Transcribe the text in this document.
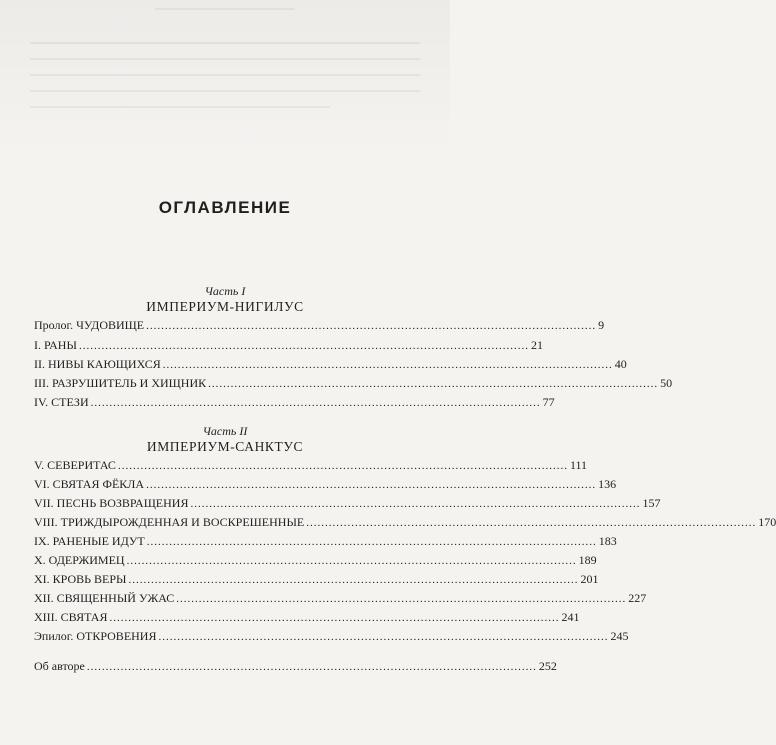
ОГЛАВЛЕНИЕ
Часть I
ИМПЕРИУМ-НИГИЛУС
Пролог. ЧУДОВИЩЕ ........................................................................................................................ 9
I. РАНЫ ........................................................................................................................ 21
II. НИВЫ КАЮЩИХСЯ ........................................................................................................................ 40
III. РАЗРУШИТЕЛЬ И ХИЩНИК ........................................................................................................................ 50
IV. СТЕЗИ ........................................................................................................................ 77
Часть II
ИМПЕРИУМ-САНКТУС
V. СЕВЕРИТАС ........................................................................................................................ 111
VI. СВЯТАЯ ФЁКЛА ........................................................................................................................ 136
VII. ПЕСНЬ ВОЗВРАЩЕНИЯ ........................................................................................................................ 157
VIII. ТРИЖДЫРОЖДЕННАЯ И ВОСКРЕШЕННЫЕ ........................................................................................................................ 170
IX. РАНЕНЫЕ ИДУТ ........................................................................................................................ 183
X. ОДЕРЖИМЕЦ ........................................................................................................................ 189
XI. КРОВЬ ВЕРЫ ........................................................................................................................ 201
XII. СВЯЩЕННЫЙ УЖАС ........................................................................................................................ 227
XIII. СВЯТАЯ ........................................................................................................................ 241
Эпилог. ОТКРОВЕНИЯ ........................................................................................................................ 245
Об авторе ........................................................................................................................ 252
